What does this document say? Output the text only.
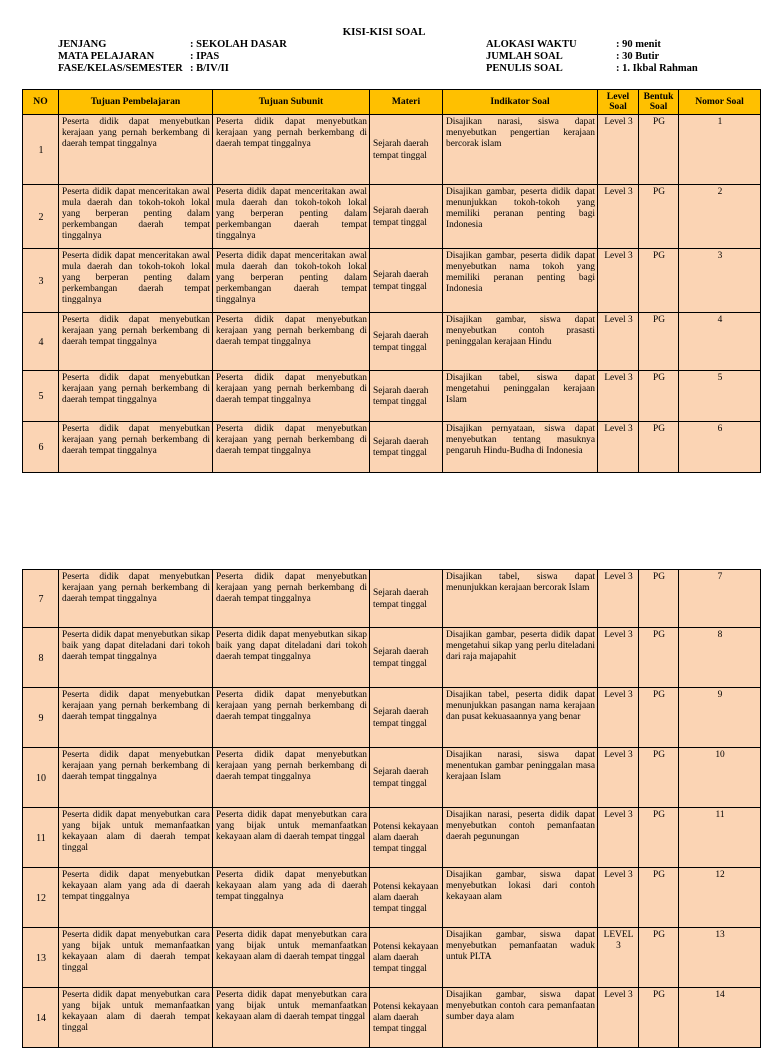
KISI-KISI SOAL
JENJANG	: SEKOLAH DASAR
MATA PELAJARAN	: IPAS
FASE/KELAS/SEMESTER : B/IV/II
ALOKASI WAKTU	: 90 menit
JUMLAH SOAL	: 30 Butir
PENULIS SOAL	: 1. Ikbal Rahman
NO	Tujuan Pembelajaran	Tujuan Subunit	Materi	Indikator Soal	Level Soal	Bentuk Soal	Nomor Soal
1	Peserta didik dapat menyebutkan kerajaan yang pernah berkembang di daerah tempat tinggalnya	Peserta didik dapat menyebutkan kerajaan yang pernah berkembang di daerah tempat tinggalnya	Sejarah daerah tempat tinggal	Disajikan narasi, siswa dapat menyebutkan pengertian kerajaan bercorak islam	Level 3	PG	1
2	Peserta didik dapat menceritakan awal mula daerah dan tokoh-tokoh lokal yang berperan penting dalam perkembangan daerah tempat tinggalnya	Peserta didik dapat menceritakan awal mula daerah dan tokoh-tokoh lokal yang berperan penting dalam perkembangan daerah tempat tinggalnya	Sejarah daerah tempat tinggal	Disajikan gambar, peserta didik dapat menunjukkan tokoh-tokoh yang memiliki peranan penting bagi Indonesia	Level 3	PG	2
3	Peserta didik dapat menceritakan awal mula daerah dan tokoh-tokoh lokal yang berperan penting dalam perkembangan daerah tempat tinggalnya	Peserta didik dapat menceritakan awal mula daerah dan tokoh-tokoh lokal yang berperan penting dalam perkembangan daerah tempat tinggalnya	Sejarah daerah tempat tinggal	Disajikan gambar, peserta didik dapat menyebutkan nama tokoh yang memiliki peranan penting bagi Indonesia	Level 3	PG	3
4	Peserta didik dapat menyebutkan kerajaan yang pernah berkembang di daerah tempat tinggalnya	Peserta didik dapat menyebutkan kerajaan yang pernah berkembang di daerah tempat tinggalnya	Sejarah daerah tempat tinggal	Disajikan gambar, siswa dapat menyebutkan contoh prasasti peninggalan kerajaan Hindu	Level 3	PG	4
5	Peserta didik dapat menyebutkan kerajaan yang pernah berkembang di daerah tempat tinggalnya	Peserta didik dapat menyebutkan kerajaan yang pernah berkembang di daerah tempat tinggalnya	Sejarah daerah tempat tinggal	Disajikan tabel, siswa dapat mengetahui peninggalan kerajaan Islam	Level 3	PG	5
6	Peserta didik dapat menyebutkan kerajaan yang pernah berkembang di daerah tempat tinggalnya	Peserta didik dapat menyebutkan kerajaan yang pernah berkembang di daerah tempat tinggalnya	Sejarah daerah tempat tinggal	Disajikan pernyataan, siswa dapat menyebutkan tentang masuknya pengaruh Hindu-Budha di Indonesia	Level 3	PG	6
7	Peserta didik dapat menyebutkan kerajaan yang pernah berkembang di daerah tempat tinggalnya	Peserta didik dapat menyebutkan kerajaan yang pernah berkembang di daerah tempat tinggalnya	Sejarah daerah tempat tinggal	Disajikan tabel, siswa dapat menunjukkan kerajaan bercorak Islam	Level 3	PG	7
8	Peserta didik dapat menyebutkan sikap baik yang dapat diteladani dari tokoh daerah tempat tinggalnya	Peserta didik dapat menyebutkan sikap baik yang dapat diteladani dari tokoh daerah tempat tinggalnya	Sejarah daerah tempat tinggal	Disajikan gambar, peserta didik dapat mengetahui sikap yang perlu diteladani dari raja majapahit	Level 3	PG	8
9	Peserta didik dapat menyebutkan kerajaan yang pernah berkembang di daerah tempat tinggalnya	Peserta didik dapat menyebutkan kerajaan yang pernah berkembang di daerah tempat tinggalnya	Sejarah daerah tempat tinggal	Disajikan tabel, peserta didik dapat menunjukkan pasangan nama kerajaan dan pusat kekuasaannya yang benar	Level 3	PG	9
10	Peserta didik dapat menyebutkan kerajaan yang pernah berkembang di daerah tempat tinggalnya	Peserta didik dapat menyebutkan kerajaan yang pernah berkembang di daerah tempat tinggalnya	Sejarah daerah tempat tinggal	Disajikan narasi, siswa dapat menentukan gambar peninggalan masa kerajaan Islam	Level 3	PG	10
11	Peserta didik dapat menyebutkan cara yang bijak untuk memanfaatkan kekayaan alam di daerah tempat tinggal	Peserta didik dapat menyebutkan cara yang bijak untuk memanfaatkan kekayaan alam di daerah tempat tinggal	Potensi kekayaan alam daerah tempat tinggal	Disajikan narasi, peserta didik dapat menyebutkan contoh pemanfaatan daerah pegunungan	Level 3	PG	11
12	Peserta didik dapat menyebutkan kekayaan alam yang ada di daerah tempat tinggalnya	Peserta didik dapat menyebutkan kekayaan alam yang ada di daerah tempat tinggalnya	Potensi kekayaan alam daerah tempat tinggal	Disajikan gambar, siswa dapat menyebutkan lokasi dari contoh kekayaan alam	Level 3	PG	12
13	Peserta didik dapat menyebutkan cara yang bijak untuk memanfaatkan kekayaan alam di daerah tempat tinggal	Peserta didik dapat menyebutkan cara yang bijak untuk memanfaatkan kekayaan alam di daerah tempat tinggal	Potensi kekayaan alam daerah tempat tinggal	Disajikan gambar, siswa dapat menyebutkan pemanfaatan waduk untuk PLTA	LEVEL 3	PG	13
14	Peserta didik dapat menyebutkan cara yang bijak untuk memanfaatkan kekayaan alam di daerah tempat tinggal	Peserta didik dapat menyebutkan cara yang bijak untuk memanfaatkan kekayaan alam di daerah tempat tinggal	Potensi kekayaan alam daerah tempat tinggal	Disajikan gambar, siswa dapat menyebutkan contoh cara pemanfaatan sumber daya alam	Level 3	PG	14
